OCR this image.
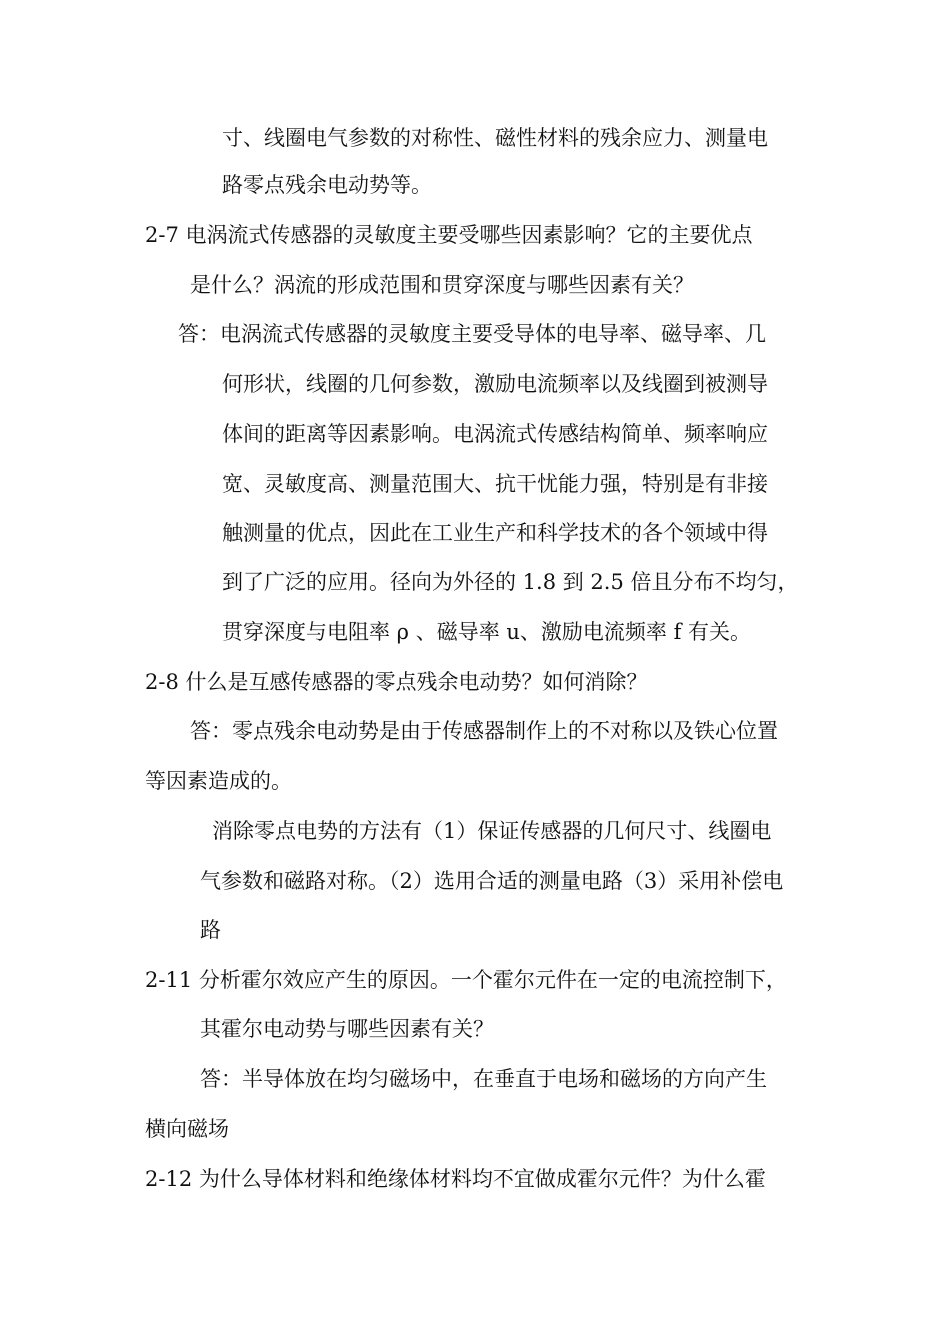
寸、线圈电气参数的对称性、磁性材料的残余应力、测量电
路零点残余电动势等。
2-7 电涡流式传感器的灵敏度主要受哪些因素影响？它的主要优点
是什么？涡流的形成范围和贯穿深度与哪些因素有关？
答：电涡流式传感器的灵敏度主要受导体的电导率、磁导率、几
何形状，线圈的几何参数，激励电流频率以及线圈到被测导
体间的距离等因素影响。电涡流式传感结构简单、频率响应
宽、灵敏度高、测量范围大、抗干忧能力强，特别是有非接
触测量的优点，因此在工业生产和科学技术的各个领域中得
到了广泛的应用。径向为外径的 1.8 到 2.5 倍且分布不均匀，
贯穿深度与电阻率 ρ 、磁导率 u、激励电流频率 f 有关。
2-8 什么是互感传感器的零点残余电动势？如何消除？
答：零点残余电动势是由于传感器制作上的不对称以及铁心位置
等因素造成的。
消除零点电势的方法有（1）保证传感器的几何尺寸、线圈电
气参数和磁路对称。（2）选用合适的测量电路（3）采用补偿电
路
2-11 分析霍尔效应产生的原因。一个霍尔元件在一定的电流控制下，
其霍尔电动势与哪些因素有关？
答：半导体放在均匀磁场中，在垂直于电场和磁场的方向产生
横向磁场
2-12 为什么导体材料和绝缘体材料均不宜做成霍尔元件？为什么霍
